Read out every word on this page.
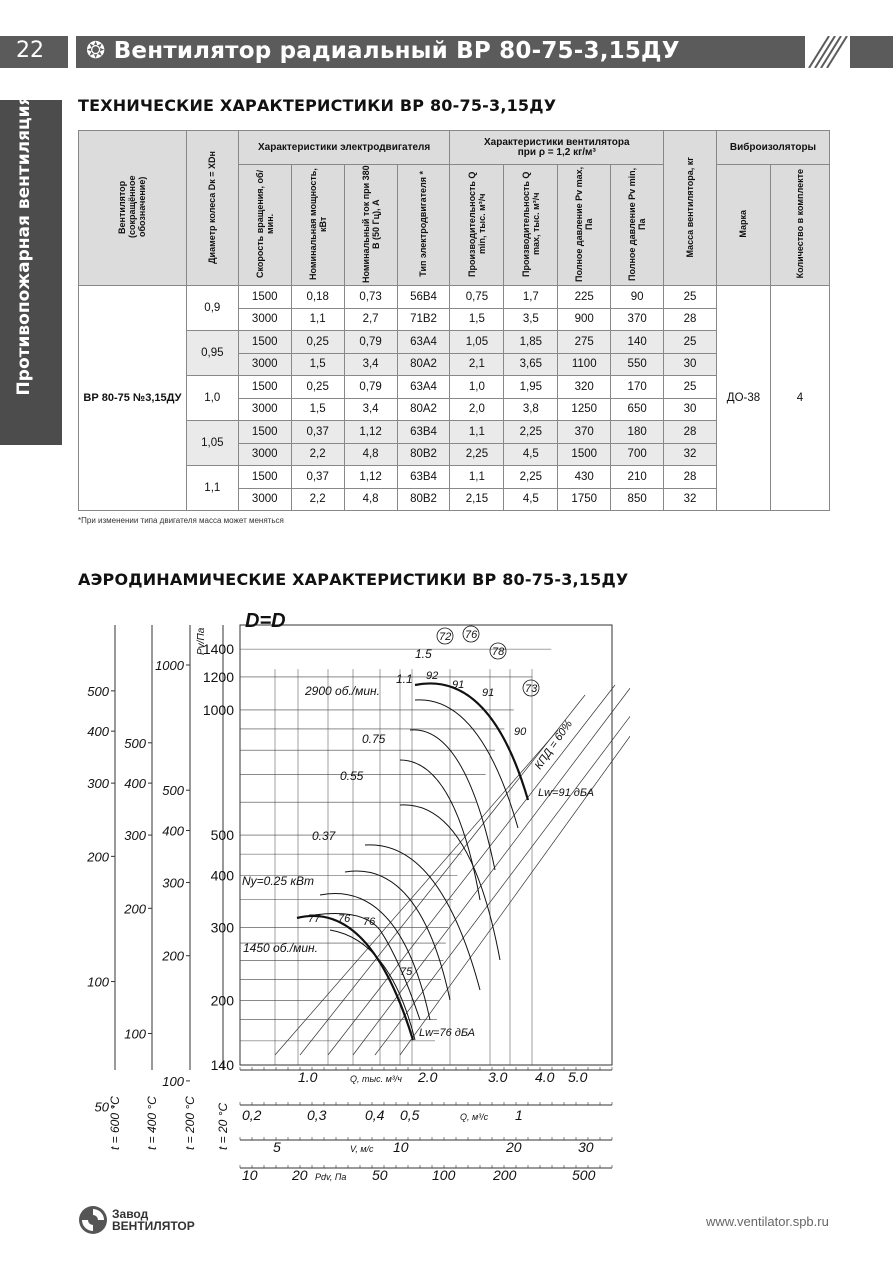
22 ❂ Вентилятор радиальный ВР 80-75-3,15ДУ
Противопожарная вентиляция	ТЕХНИЧЕСКИЕ ХАРАКТЕРИСТИКИ ВР 80-75-3,15ДУ
Вентилятор (сокращённое обозначение)	Диаметр колеса Dк = XDн	Характеристики электродвигателя				Характеристики вентилятора
при ρ = 1,2 кг/м³				Масса вентилятора, кг	Виброизоляторы	
		Скорость вращения, об/мин.	Номинальная мощность, кВт	Номинальный ток при 380 В (50 Гц), А	Тип электродвигателя *	Производительность Q min, тыс. м³/ч	Производительность Q max, тыс. м³/ч	Полное давление Pv max, Па	Полное давление Pv min, Па		Марка	Количество в комплекте
ВР 80-75 №3,15ДУ	0,9	1500	0,18	0,73	56В4	0,75	1,7	225	90	25	ДО-38	4
		3000	1,1	2,7	71В2	1,5	3,5	900	370	28		
	0,95	1500	0,25	0,79	63А4	1,05	1,85	275	140	25		
		3000	1,5	3,4	80А2	2,1	3,65	1100	550	30		
	1,0	1500	0,25	0,79	63А4	1,0	1,95	320	170	25		
		3000	1,5	3,4	80А2	2,0	3,8	1250	650	30		
	1,05	1500	0,37	1,12	63В4	1,1	2,25	370	180	28		
		3000	2,2	4,8	80В2	2,25	4,5	1500	700	32		
	1,1	1500	0,37	1,12	63В4	1,1	2,25	430	210	28		
		3000	2,2	4,8	80В2	2,15	4,5	1750	850	32		
*При изменении типа двигателя масса может меняться
АЭРОДИНАМИЧЕСКИЕ ХАРАКТЕРИСТИКИ ВР 80-75-3,15ДУ
1400
1200
1000
500
400
300
200
140
Pv/Па
D=D
500
400
300
200
100
50 t = 600 °C
500
400
300
200
100
t = 400 °C
1000
500
400
300
200
100
t = 200 °C t = 20 °C
1.0	2.0	3.0 4.0 5.0
Q, тыс. м³/ч
0,2	0,3	0,4 0,5	1
Q, м³/с
5	10	20	30
V, м/с
10 20	50	100	200	500
Pdv, Па
2900 об./мин.
1450 об./мин.
Ny=0.25 кВт
0.37
0.55
0.75
1.1
1.5
72 76
78
73
77 76 76
75
92
91
91
90
Lw=91 дБА
Lw=76 дБА
КПД = 60%
Завод
ВЕНТИЛЯТОР	www.ventilator.spb.ru
